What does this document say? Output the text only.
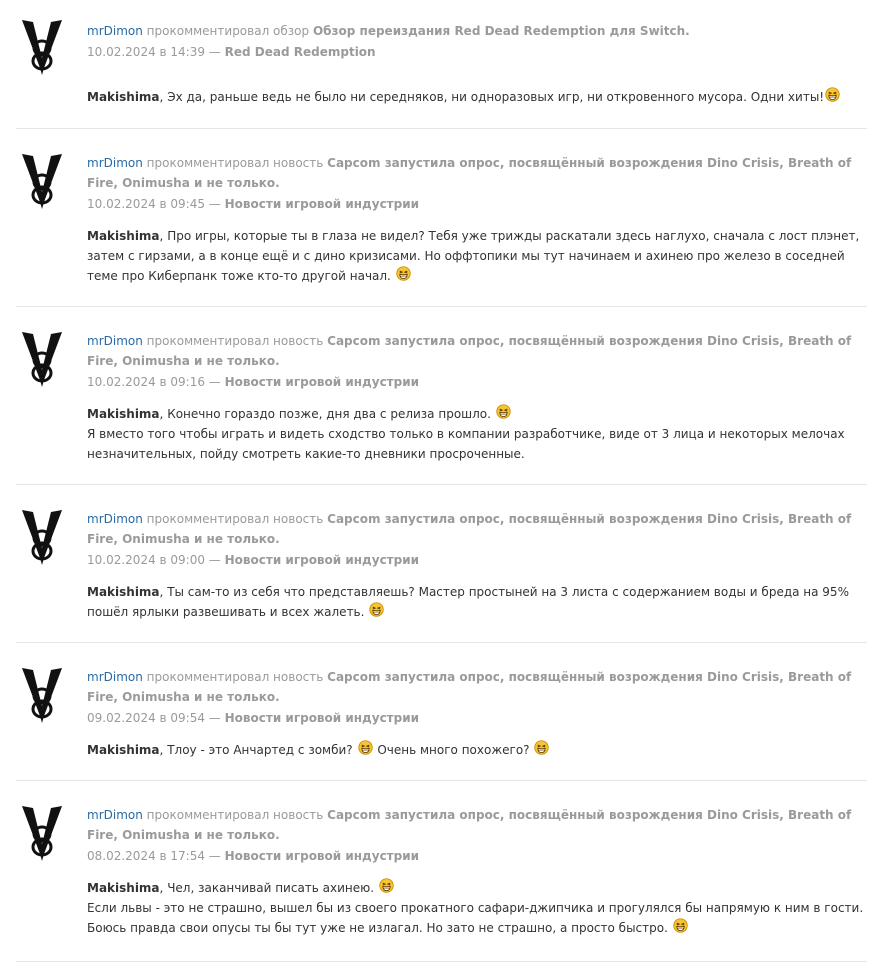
mrDimon прокомментировал обзор Обзор переиздания Red Dead Redemption для Switch.
10.02.2024 в 14:39 — Red Dead Redemption
Makishima, Эх да, раньше ведь не было ни середняков, ни одноразовых игр, ни откровенного мусора. Одни хиты!
mrDimon прокомментировал новость Capcom запустила опрос, посвящённый возрождения Dino Crisis, Breath of Fire, Onimusha и не только.
10.02.2024 в 09:45 — Новости игровой индустрии
Makishima, Про игры, которые ты в глаза не видел? Тебя уже трижды раскатали здесь наглухо, сначала с лост плэнет, затем с гирзами, а в конце ещё и с дино кризисами. Но оффтопики мы тут начинаем и ахинею про железо в соседней теме про Киберпанк тоже кто-то другой начал.
mrDimon прокомментировал новость Capcom запустила опрос, посвящённый возрождения Dino Crisis, Breath of Fire, Onimusha и не только.
10.02.2024 в 09:16 — Новости игровой индустрии
Makishima, Конечно гораздо позже, дня два с релиза прошло.

Я вместо того чтобы играть и видеть сходство только в компании разработчике, виде от 3 лица и некоторых мелочах незначительных, пойду смотреть какие-то дневники просроченные.
mrDimon прокомментировал новость Capcom запустила опрос, посвящённый возрождения Dino Crisis, Breath of Fire, Onimusha и не только.
10.02.2024 в 09:00 — Новости игровой индустрии
Makishima, Ты сам-то из себя что представляешь? Мастер простыней на 3 листа с содержанием воды и бреда на 95% пошёл ярлыки развешивать и всех жалеть.
mrDimon прокомментировал новость Capcom запустила опрос, посвящённый возрождения Dino Crisis, Breath of Fire, Onimusha и не только.
09.02.2024 в 09:54 — Новости игровой индустрии
Makishima, Тлоу - это Анчартед с зомби? Очень много похожего?
mrDimon прокомментировал новость Capcom запустила опрос, посвящённый возрождения Dino Crisis, Breath of Fire, Onimusha и не только.
08.02.2024 в 17:54 — Новости игровой индустрии
Makishima, Чел, заканчивай писать ахинею.

Если львы - это не страшно, вышел бы из своего прокатного сафари-джипчика и прогулялся бы напрямую к ним в гости. Боюсь правда свои опусы ты бы тут уже не излагал. Но зато не страшно, а просто быстро.
